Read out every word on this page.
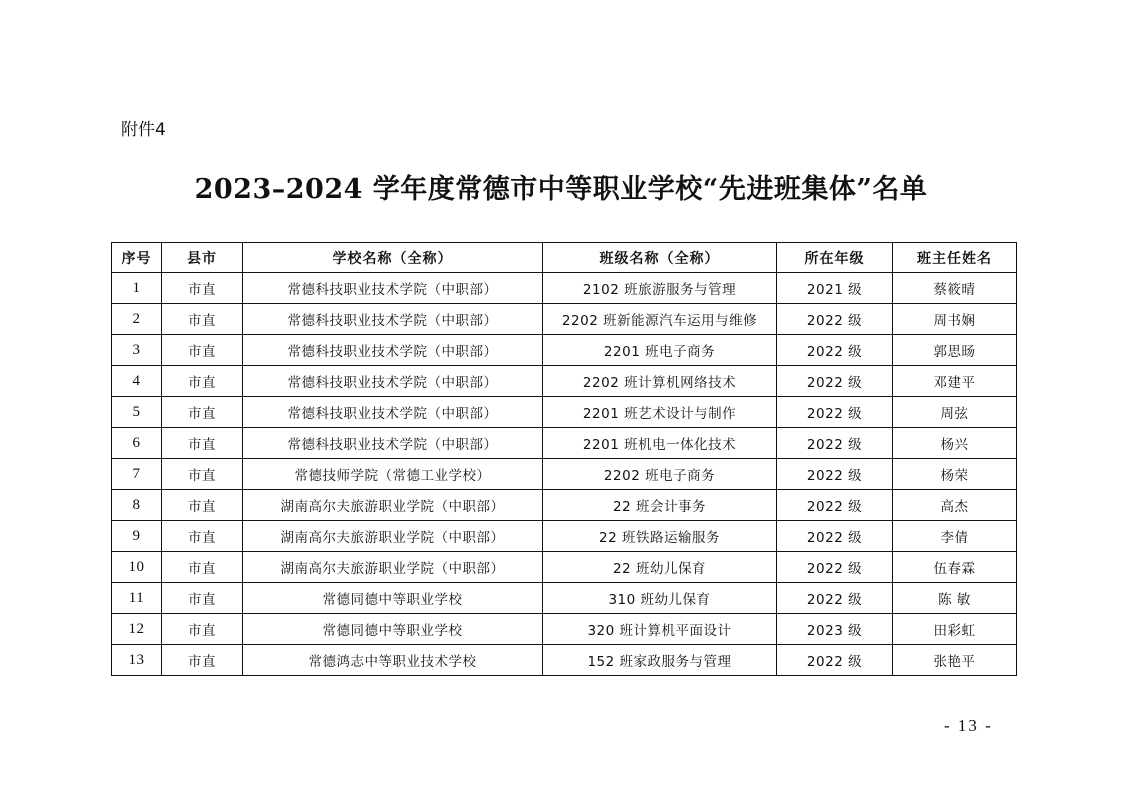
附件4
2023–2024 学年度常德市中等职业学校“先进班集体”名单
序号	县市	学校名称（全称）	班级名称（全称）	所在年级	班主任姓名
1	市直	常德科技职业技术学院（中职部）	2102 班旅游服务与管理	2021 级	蔡筱晴
2	市直	常德科技职业技术学院（中职部）	2202 班新能源汽车运用与维修	2022 级	周书娴
3	市直	常德科技职业技术学院（中职部）	2201 班电子商务	2022 级	郭思旸
4	市直	常德科技职业技术学院（中职部）	2202 班计算机网络技术	2022 级	邓建平
5	市直	常德科技职业技术学院（中职部）	2201 班艺术设计与制作	2022 级	周弦
6	市直	常德科技职业技术学院（中职部）	2201 班机电一体化技术	2022 级	杨兴
7	市直	常德技师学院（常德工业学校）	2202 班电子商务	2022 级	杨荣
8	市直	湖南高尔夫旅游职业学院（中职部）	22 班会计事务	2022 级	高杰
9	市直	湖南高尔夫旅游职业学院（中职部）	22 班铁路运输服务	2022 级	李倩
10	市直	湖南高尔夫旅游职业学院（中职部）	22 班幼儿保育	2022 级	伍春霖
11	市直	常德同德中等职业学校	310 班幼儿保育	2022 级	陈 敏
12	市直	常德同德中等职业学校	320 班计算机平面设计	2023 级	田彩虹
13	市直	常德鸿志中等职业技术学校	152 班家政服务与管理	2022 级	张艳平
- 13 -
